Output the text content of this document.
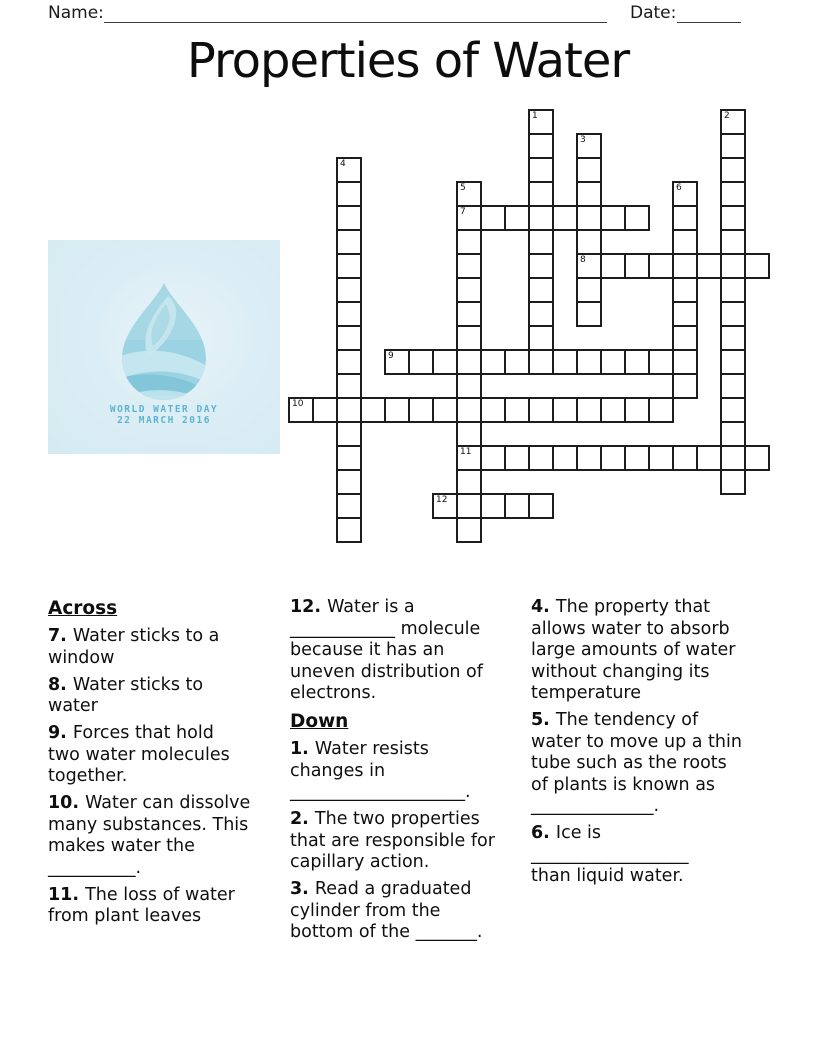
Name:	Date:
Properties of Water
WORLD WATER DAY
22 MARCH 2016
1	2
3
8
4
5
7
11
6
9
10
12
Across
7. Water sticks to a
window
8. Water sticks to
water
9. Forces that hold
two water molecules
together.
10. Water can dissolve
many substances. This
makes water the
__________.
11. The loss of water
from plant leaves
12. Water is a
____________ molecule
because it has an
uneven distribution of
electrons.
Down
1. Water resists
changes in
____________________.
2. The two properties
that are responsible for
capillary action.
3. Read a graduated
cylinder from the
bottom of the _______.
4. The property that
allows water to absorb
large amounts of water
without changing its
temperature
5. The tendency of
water to move up a thin
tube such as the roots
of plants is known as
______________.
6. Ice is
__________________
than liquid water.
